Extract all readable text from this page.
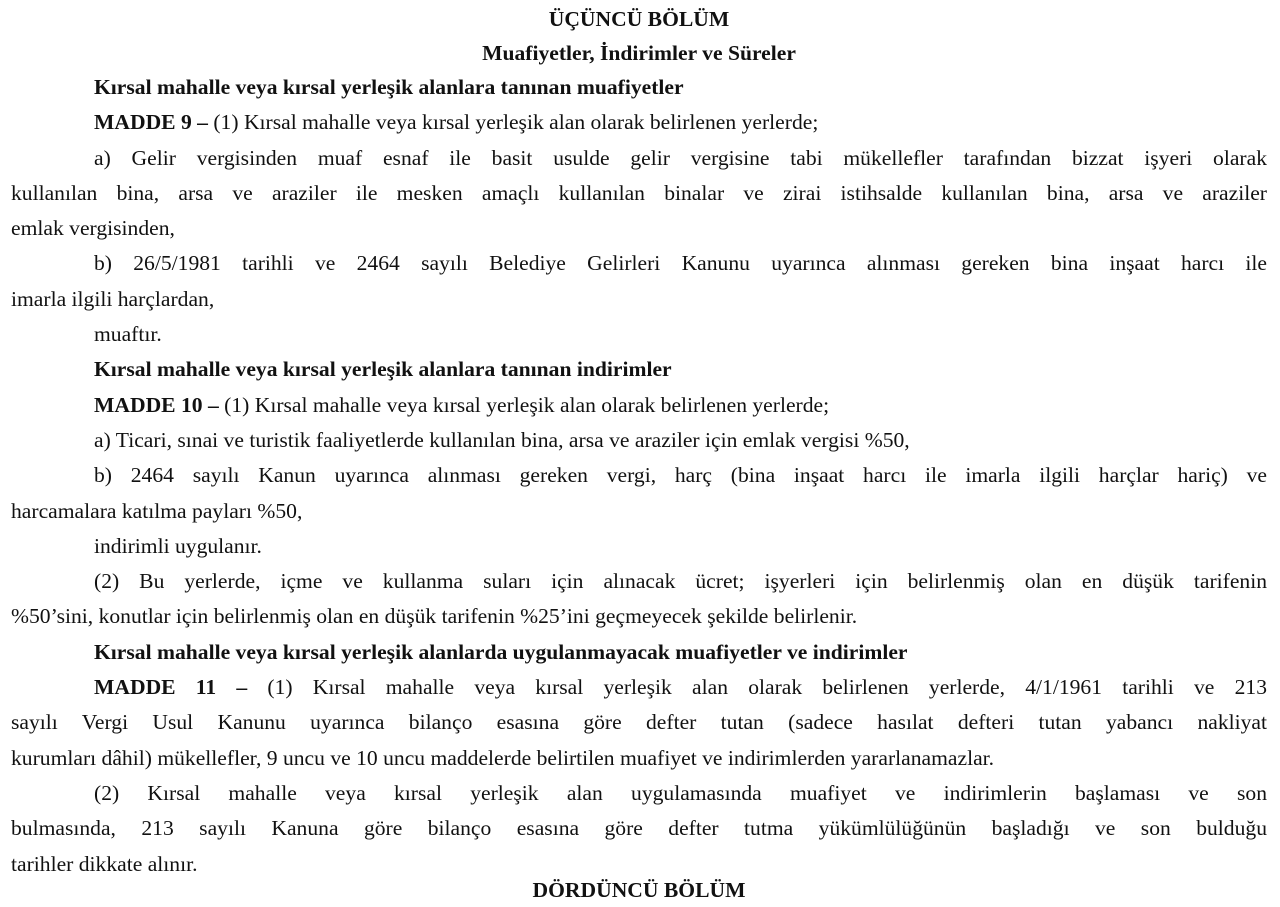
ÜÇÜNCÜ BÖLÜM
Muafiyetler, İndirimler ve Süreler
Kırsal mahalle veya kırsal yerleşik alanlara tanınan muafiyetler
MADDE 9 – (1) Kırsal mahalle veya kırsal yerleşik alan olarak belirlenen yerlerde;
a) Gelir vergisinden muaf esnaf ile basit usulde gelir vergisine tabi mükellefler tarafından bizzat işyeri olarak
kullanılan bina, arsa ve araziler ile mesken amaçlı kullanılan binalar ve zirai istihsalde kullanılan bina, arsa ve araziler
emlak vergisinden,
b) 26/5/1981 tarihli ve 2464 sayılı Belediye Gelirleri Kanunu uyarınca alınması gereken bina inşaat harcı ile
imarla ilgili harçlardan,
muaftır.
Kırsal mahalle veya kırsal yerleşik alanlara tanınan indirimler
MADDE 10 – (1) Kırsal mahalle veya kırsal yerleşik alan olarak belirlenen yerlerde;
a) Ticari, sınai ve turistik faaliyetlerde kullanılan bina, arsa ve araziler için emlak vergisi %50,
b) 2464 sayılı Kanun uyarınca alınması gereken vergi, harç (bina inşaat harcı ile imarla ilgili harçlar hariç) ve
harcamalara katılma payları %50,
indirimli uygulanır.
(2) Bu yerlerde, içme ve kullanma suları için alınacak ücret; işyerleri için belirlenmiş olan en düşük tarifenin
%50’sini, konutlar için belirlenmiş olan en düşük tarifenin %25’ini geçmeyecek şekilde belirlenir.
Kırsal mahalle veya kırsal yerleşik alanlarda uygulanmayacak muafiyetler ve indirimler
MADDE 11 – (1) Kırsal mahalle veya kırsal yerleşik alan olarak belirlenen yerlerde, 4/1/1961 tarihli ve 213
sayılı Vergi Usul Kanunu uyarınca bilanço esasına göre defter tutan (sadece hasılat defteri tutan yabancı nakliyat
kurumları dâhil) mükellefler, 9 uncu ve 10 uncu maddelerde belirtilen muafiyet ve indirimlerden yararlanamazlar.
(2) Kırsal mahalle veya kırsal yerleşik alan uygulamasında muafiyet ve indirimlerin başlaması ve son
bulmasında, 213 sayılı Kanuna göre bilanço esasına göre defter tutma yükümlülüğünün başladığı ve son bulduğu
tarihler dikkate alınır.
DÖRDÜNCÜ BÖLÜM
